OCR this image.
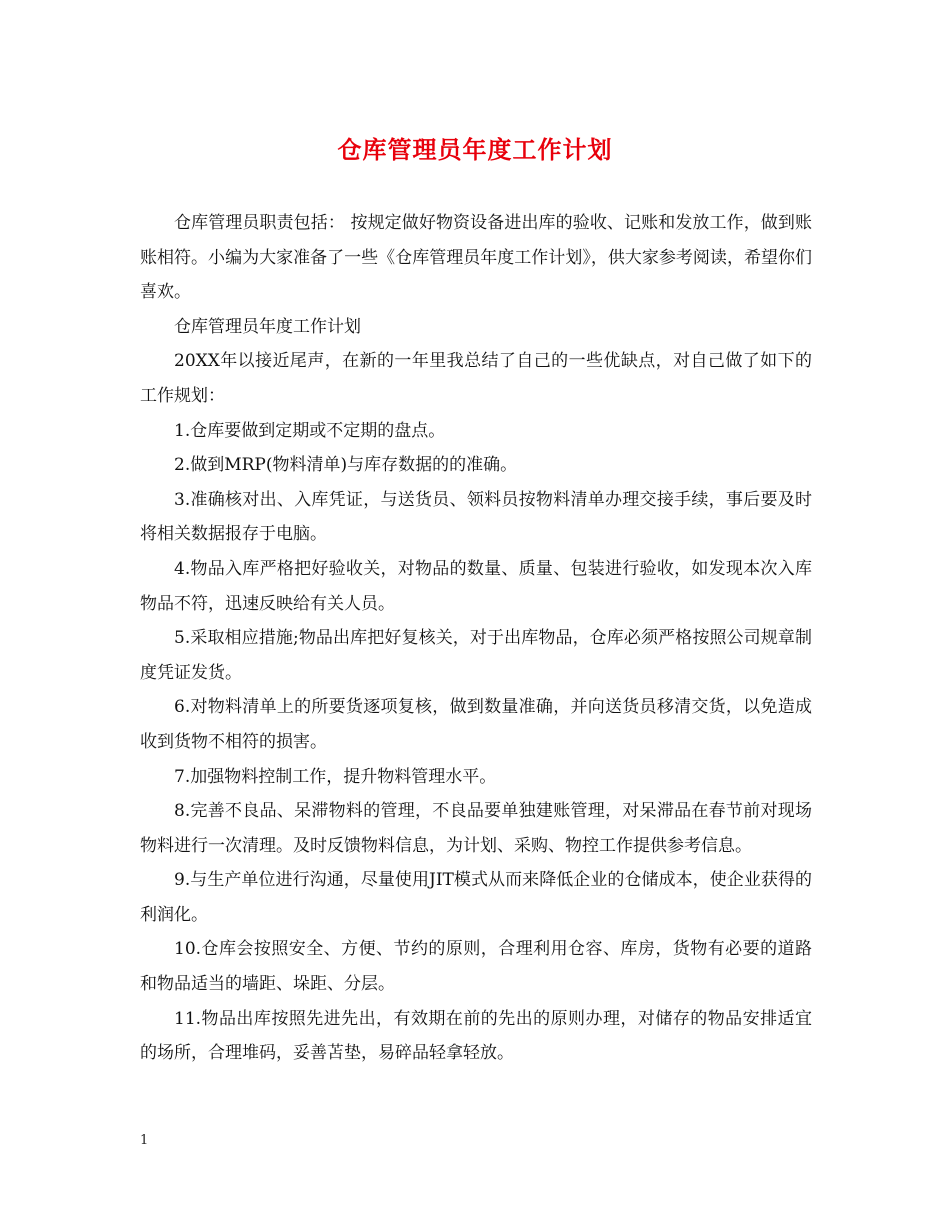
仓库管理员年度工作计划

仓库管理员职责包括： 按规定做好物资设备进出库的验收、记账和发放工作，做到账账相符。小编为大家准备了一些《仓库管理员年度工作计划》，供大家参考阅读，希望你们喜欢。

仓库管理员年度工作计划

20XX年以接近尾声，在新的一年里我总结了自己的一些优缺点，对自己做了如下的工作规划：

1.仓库要做到定期或不定期的盘点。

2.做到MRP(物料清单)与库存数据的的准确。

3.准确核对出、入库凭证，与送货员、领料员按物料清单办理交接手续，事后要及时将相关数据报存于电脑。

4.物品入库严格把好验收关，对物品的数量、质量、包装进行验收，如发现本次入库物品不符，迅速反映给有关人员。

5.采取相应措施;物品出库把好复核关，对于出库物品，仓库必须严格按照公司规章制度凭证发货。

6.对物料清单上的所要货逐项复核，做到数量准确，并向送货员移清交货，以免造成收到货物不相符的损害。

7.加强物料控制工作，提升物料管理水平。

8.完善不良品、呆滞物料的管理，不良品要单独建账管理，对呆滞品在春节前对现场物料进行一次清理。及时反馈物料信息，为计划、采购、物控工作提供参考信息。

9.与生产单位进行沟通，尽量使用JIT模式从而来降低企业的仓储成本，使企业获得的利润化。

10.仓库会按照安全、方便、节约的原则，合理利用仓容、库房，货物有必要的道路和物品适当的墙距、垛距、分层。

11.物品出库按照先进先出，有效期在前的先出的原则办理，对储存的物品安排适宜的场所，合理堆码，妥善苫垫，易碎品轻拿轻放。

1
